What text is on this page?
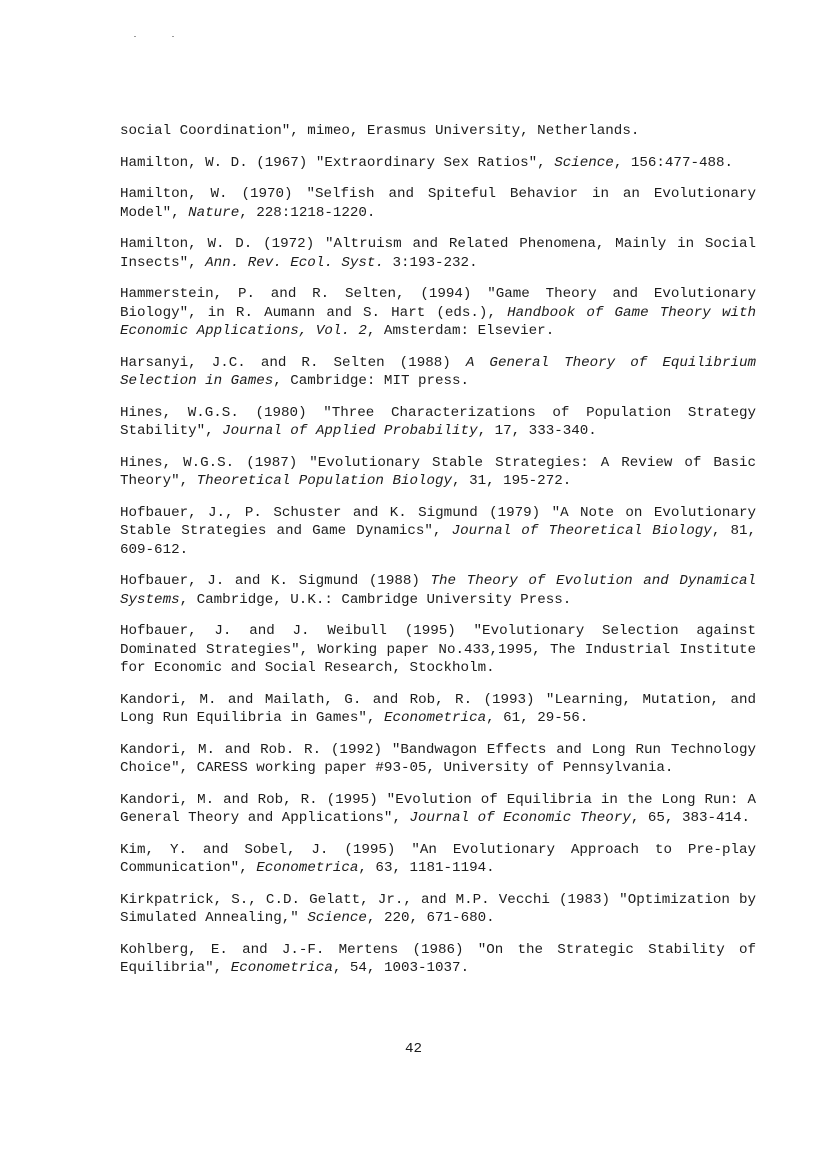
social Coordination", mimeo, Erasmus University, Netherlands.
Hamilton, W. D. (1967) "Extraordinary Sex Ratios", Science, 156:477-488.
Hamilton, W. (1970) "Selfish and Spiteful Behavior in an Evolutionary Model", Nature, 228:1218-1220.
Hamilton, W. D. (1972) "Altruism and Related Phenomena, Mainly in Social Insects", Ann. Rev. Ecol. Syst. 3:193-232.
Hammerstein, P. and R. Selten, (1994) "Game Theory and Evolutionary Biology", in R. Aumann and S. Hart (eds.), Handbook of Game Theory with Economic Applications, Vol. 2, Amsterdam: Elsevier.
Harsanyi, J.C. and R. Selten (1988) A General Theory of Equilibrium Selection in Games, Cambridge: MIT press.
Hines, W.G.S. (1980) "Three Characterizations of Population Strategy Stability", Journal of Applied Probability, 17, 333-340.
Hines, W.G.S. (1987) "Evolutionary Stable Strategies: A Review of Basic Theory", Theoretical Population Biology, 31, 195-272.
Hofbauer, J., P. Schuster and K. Sigmund (1979) "A Note on Evolutionary Stable Strategies and Game Dynamics", Journal of Theoretical Biology, 81, 609-612.
Hofbauer, J. and K. Sigmund (1988) The Theory of Evolution and Dynamical Systems, Cambridge, U.K.: Cambridge University Press.
Hofbauer, J. and J. Weibull (1995) "Evolutionary Selection against Dominated Strategies", Working paper No.433,1995, The Industrial Institute for Economic and Social Research, Stockholm.
Kandori, M. and Mailath, G. and Rob, R. (1993) "Learning, Mutation, and Long Run Equilibria in Games", Econometrica, 61, 29-56.
Kandori, M. and Rob. R. (1992) "Bandwagon Effects and Long Run Technology Choice", CARESS working paper #93-05, University of Pennsylvania.
Kandori, M. and Rob, R. (1995) "Evolution of Equilibria in the Long Run: A General Theory and Applications", Journal of Economic Theory, 65, 383-414.
Kim, Y. and Sobel, J. (1995) "An Evolutionary Approach to Pre-play Communication", Econometrica, 63, 1181-1194.
Kirkpatrick, S., C.D. Gelatt, Jr., and M.P. Vecchi (1983) "Optimization by Simulated Annealing," Science, 220, 671-680.
Kohlberg, E. and J.-F. Mertens (1986) "On the Strategic Stability of Equilibria", Econometrica, 54, 1003-1037.
42
